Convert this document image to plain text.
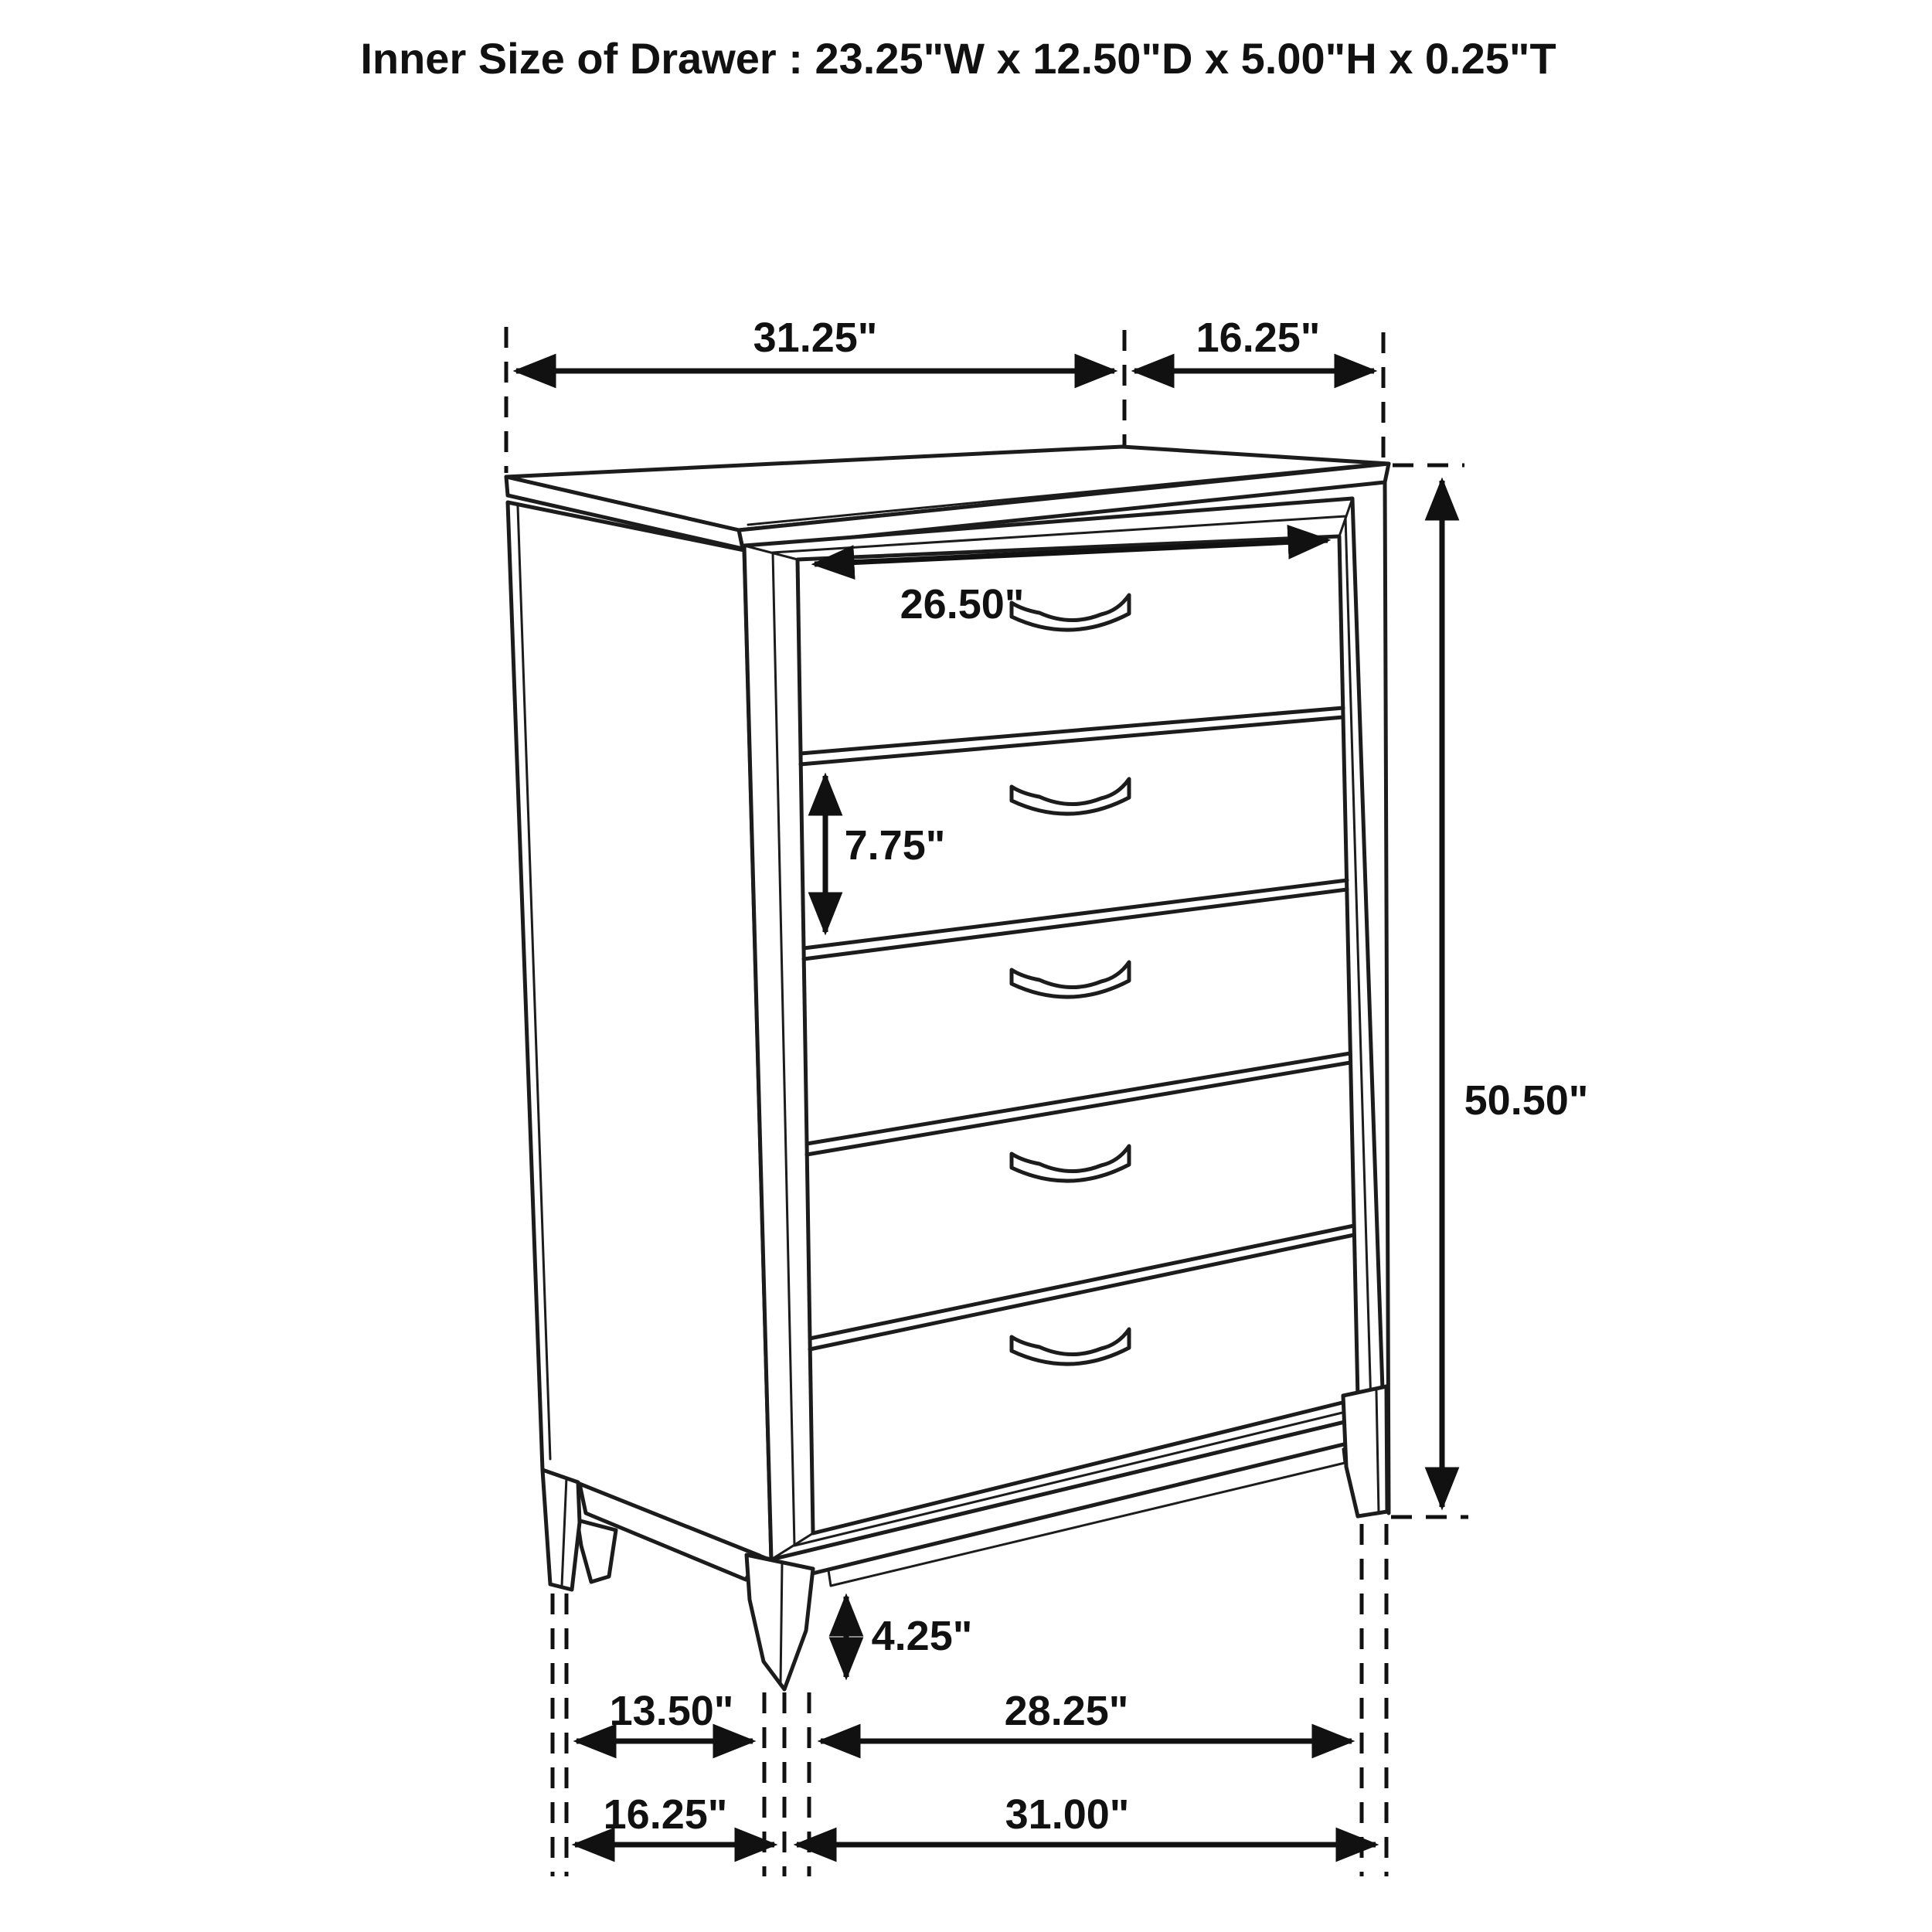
Inner Size of Drawer : 23.25"W x 12.50"D x 5.00"H x 0.25"T
31.25"	16.25"
26.50"
7.75"
50.50"
4.25"
13.50"	28.25"
16.25"	31.00"
